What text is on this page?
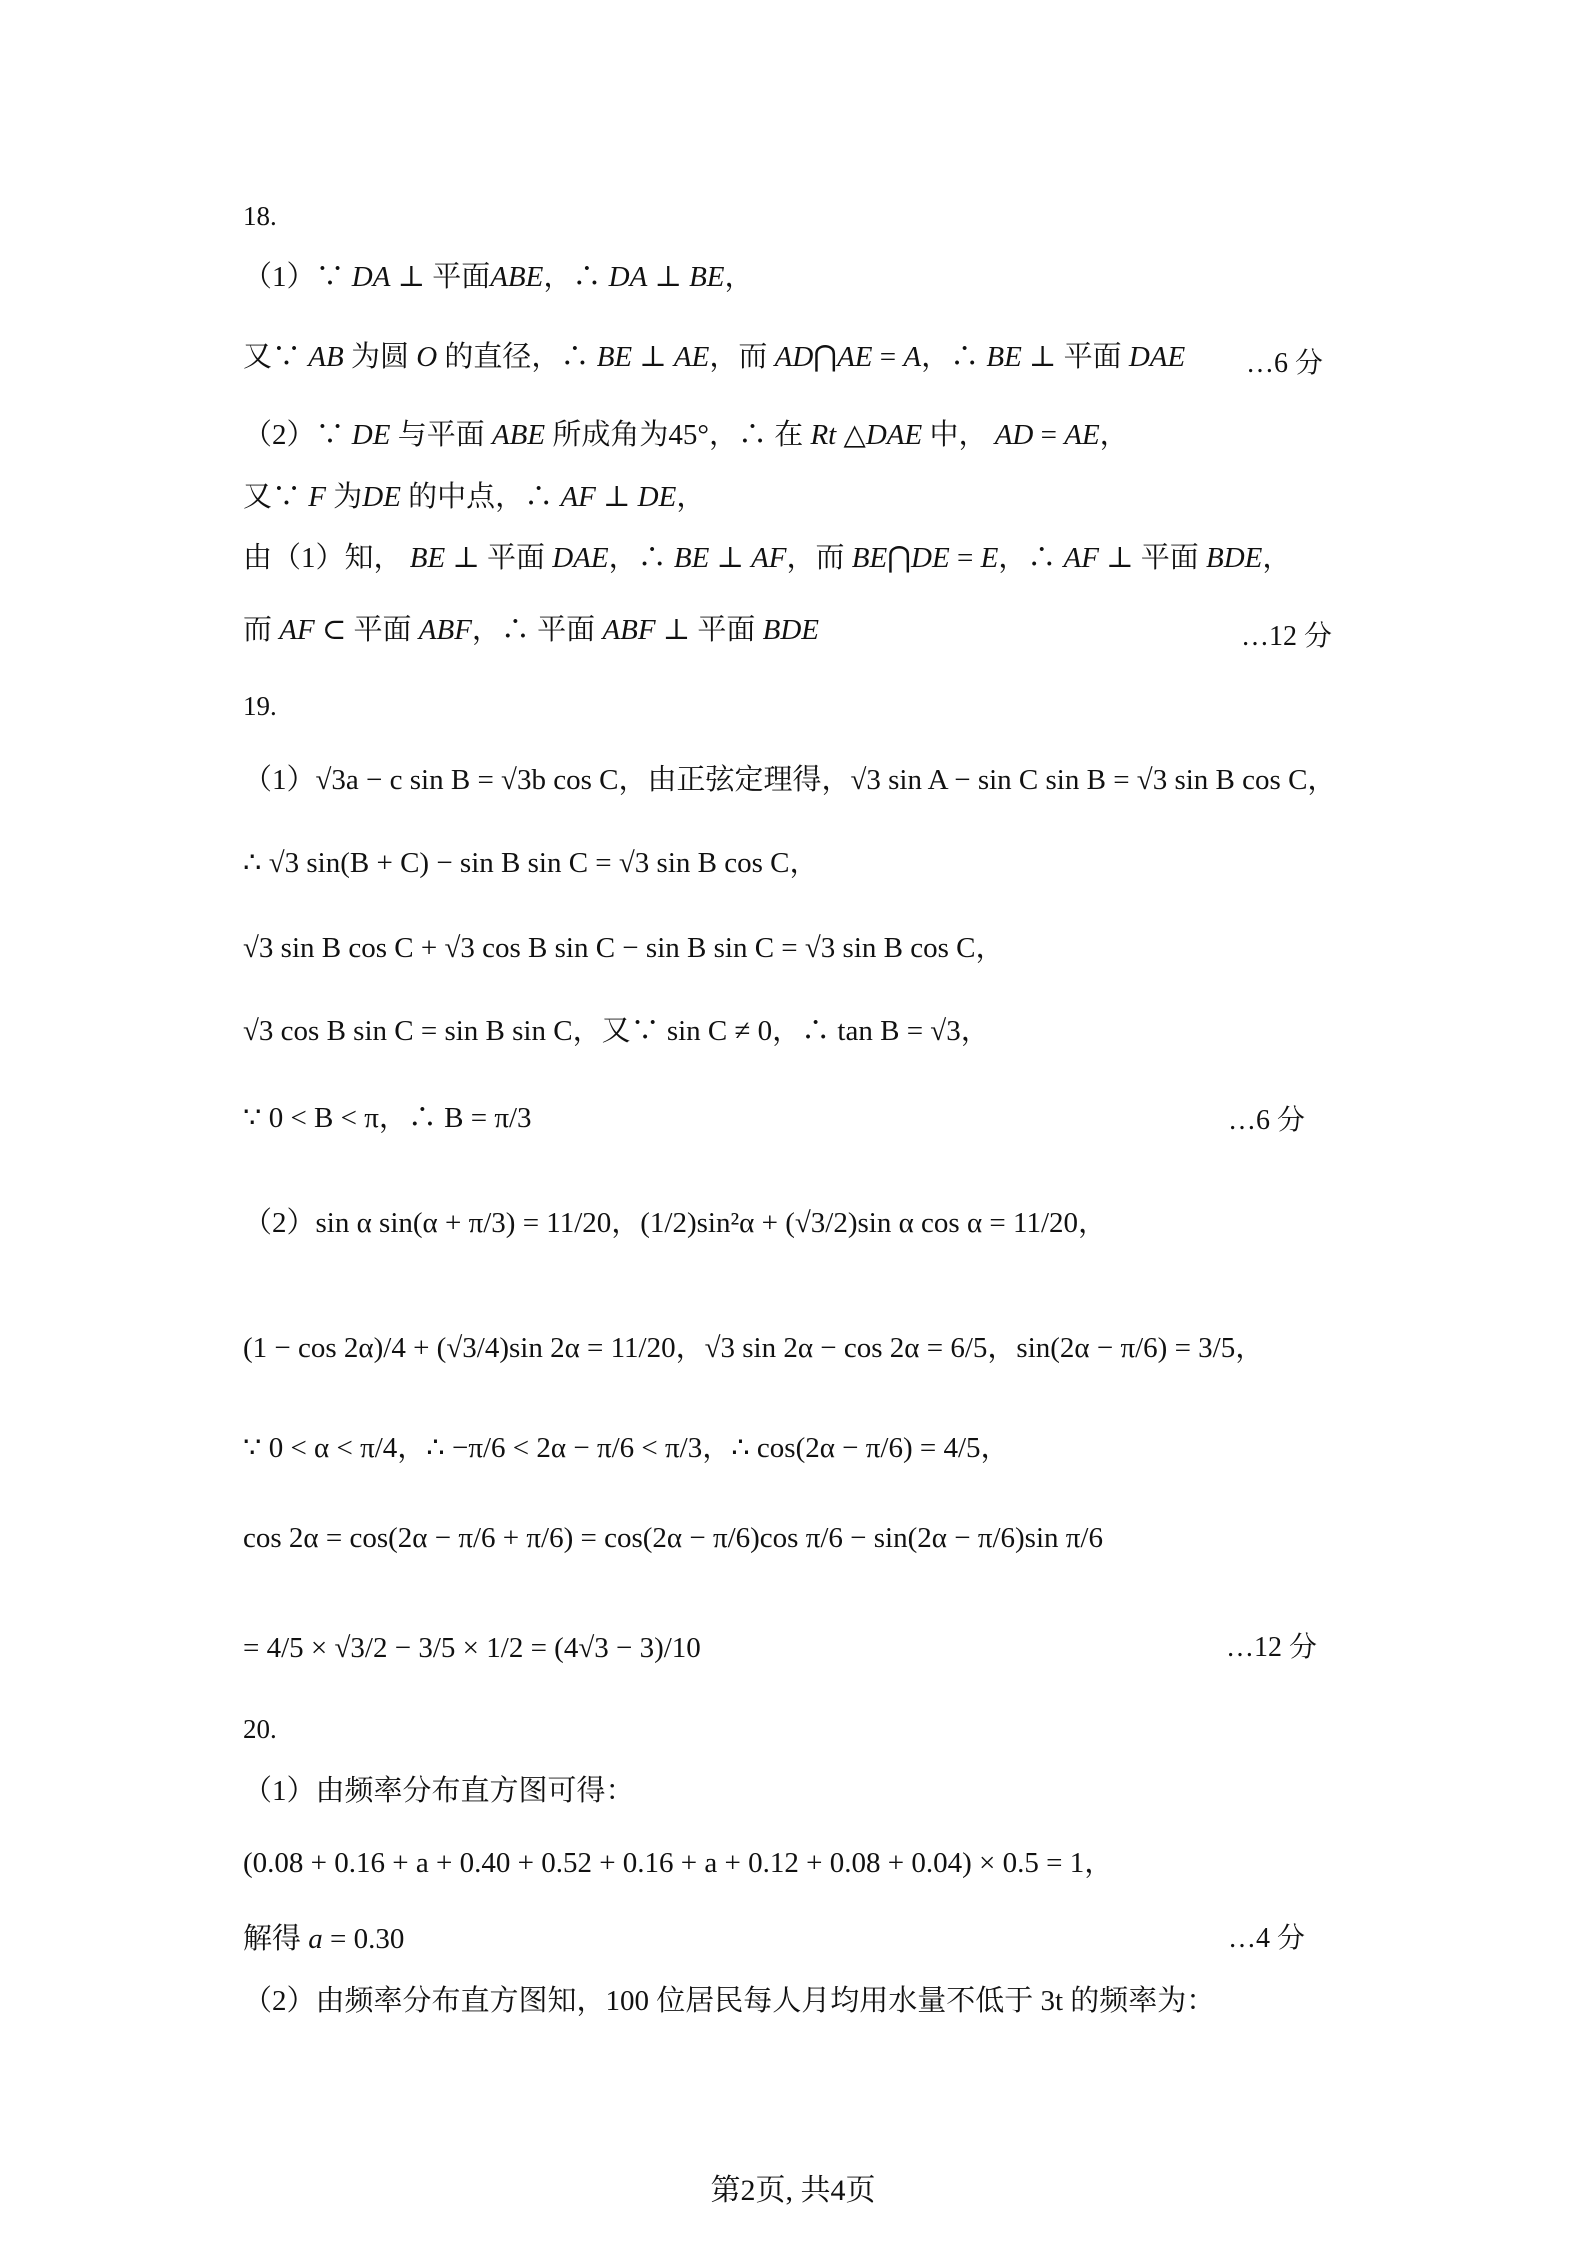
18.
（1）∵ DA ⊥ 平面ABE，∴ DA ⊥ BE，
又∵ AB 为圆 O 的直径，∴ BE ⊥ AE，而 AD⋂AE = A，∴ BE ⊥ 平面 DAE …6 分
（2）∵ DE 与平面 ABE 所成角为45°，∴ 在 Rt △DAE 中， AD = AE，
又∵ F 为DE 的中点，∴ AF ⊥ DE，
由（1）知， BE ⊥ 平面 DAE，∴ BE ⊥ AF，而 BE⋂DE = E，∴ AF ⊥ 平面 BDE，
而 AF ⊂ 平面 ABF，∴ 平面 ABF ⊥ 平面 BDE	…12 分
19.
（1）√3a − c sin B = √3b cos C，由正弦定理得，√3 sin A − sin C sin B = √3 sin B cos C，
∴ √3 sin(B + C) − sin B sin C = √3 sin B cos C，
√3 sin B cos C + √3 cos B sin C − sin B sin C = √3 sin B cos C，
√3 cos B sin C = sin B sin C，又∵ sin C ≠ 0，∴ tan B = √3，
∵ 0 < B < π，∴ B = π/3	…6 分
（2）sin α sin(α + π/3) = 11/20，(1/2)sin²α + (√3/2)sin α cos α = 11/20，
(1 − cos 2α)/4 + (√3/4)sin 2α = 11/20，√3 sin 2α − cos 2α = 6/5，sin(2α − π/6) = 3/5，
∵ 0 < α < π/4，∴ −π/6 < 2α − π/6 < π/3，∴ cos(2α − π/6) = 4/5，
cos 2α = cos(2α − π/6 + π/6) = cos(2α − π/6)cos π/6 − sin(2α − π/6)sin π/6
= 4/5 × √3/2 − 3/5 × 1/2 = (4√3 − 3)/10	…12 分
20.
（1）由频率分布直方图可得：
(0.08 + 0.16 + a + 0.40 + 0.52 + 0.16 + a + 0.12 + 0.08 + 0.04) × 0.5 = 1，
解得 a = 0.30	…4 分
（2）由频率分布直方图知，100 位居民每人月均用水量不低于 3t 的频率为：
第2页, 共4页
